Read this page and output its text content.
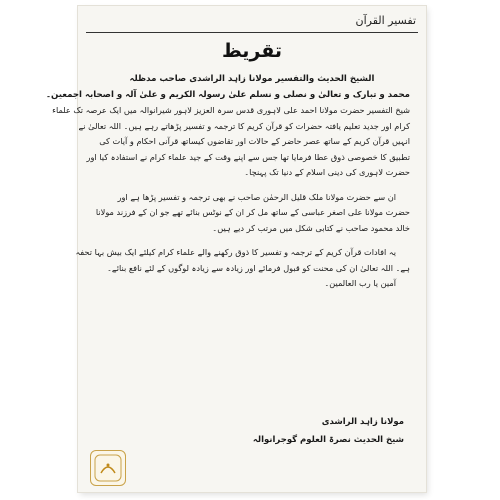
تفسیر القرآن
تقریظ
الشیخ الحدیث والتفسیر مولانا زاہد الراشدی صاحب مدظلہ
محمد و تبارک و تعالیٰ و نصلی و نسلم علیٰ رسولہ الکریم و علیٰ آلہ و اصحابہ اجمعین۔
شیخ التفسیر حضرت مولانا احمد علی لاہوری قدس سرہ العزیز لاہور شیرانوالہ میں ایک عرصہ تک علماء
کرام اور جدید تعلیم یافتہ حضرات کو قرآن کریم کا ترجمہ و تفسیر پڑھاتے رہے ہیں۔ اللہ تعالیٰ نے
انہیں قرآن کریم کے ساتھ عصر حاضر کے حالات اور تقاضوں کیساتھ قرآنی احکام و آیات کی
تطبیق کا خصوصی ذوق عطا فرمایا تھا جس سے اپنے وقت کے جید علماء کرام نے استفادہ کیا اور
حضرت لاہوری کی دینی اسلام کے دنیا تک پہنچا۔
ان سے حضرت مولانا ملک قلیل الرحمٰن صاحب نے بھی ترجمہ و تفسیر پڑھا ہے اور
حضرت مولانا علی اصغر عباسی کے ساتھ مل کر ان کے نوٹس بنائے تھے جو ان کے فرزند مولانا
خالد محمود صاحب نے کتابی شکل میں مرتب کر دیے ہیں۔
یہ افادات قرآن کریم کے ترجمہ و تفسیر کا ذوق رکھنے والے علماء کرام کیلئے ایک بیش بہا تحفہ
ہے۔ اللہ تعالیٰ ان کی محنت کو قبول فرمائے اور زیادہ سے زیادہ لوگوں کے لئے نافع بنائے۔
آمین یا رب العالمین۔
مولانا زاہد الراشدی
شیخ الحدیث نصرۃ العلوم گوجرانوالہ
